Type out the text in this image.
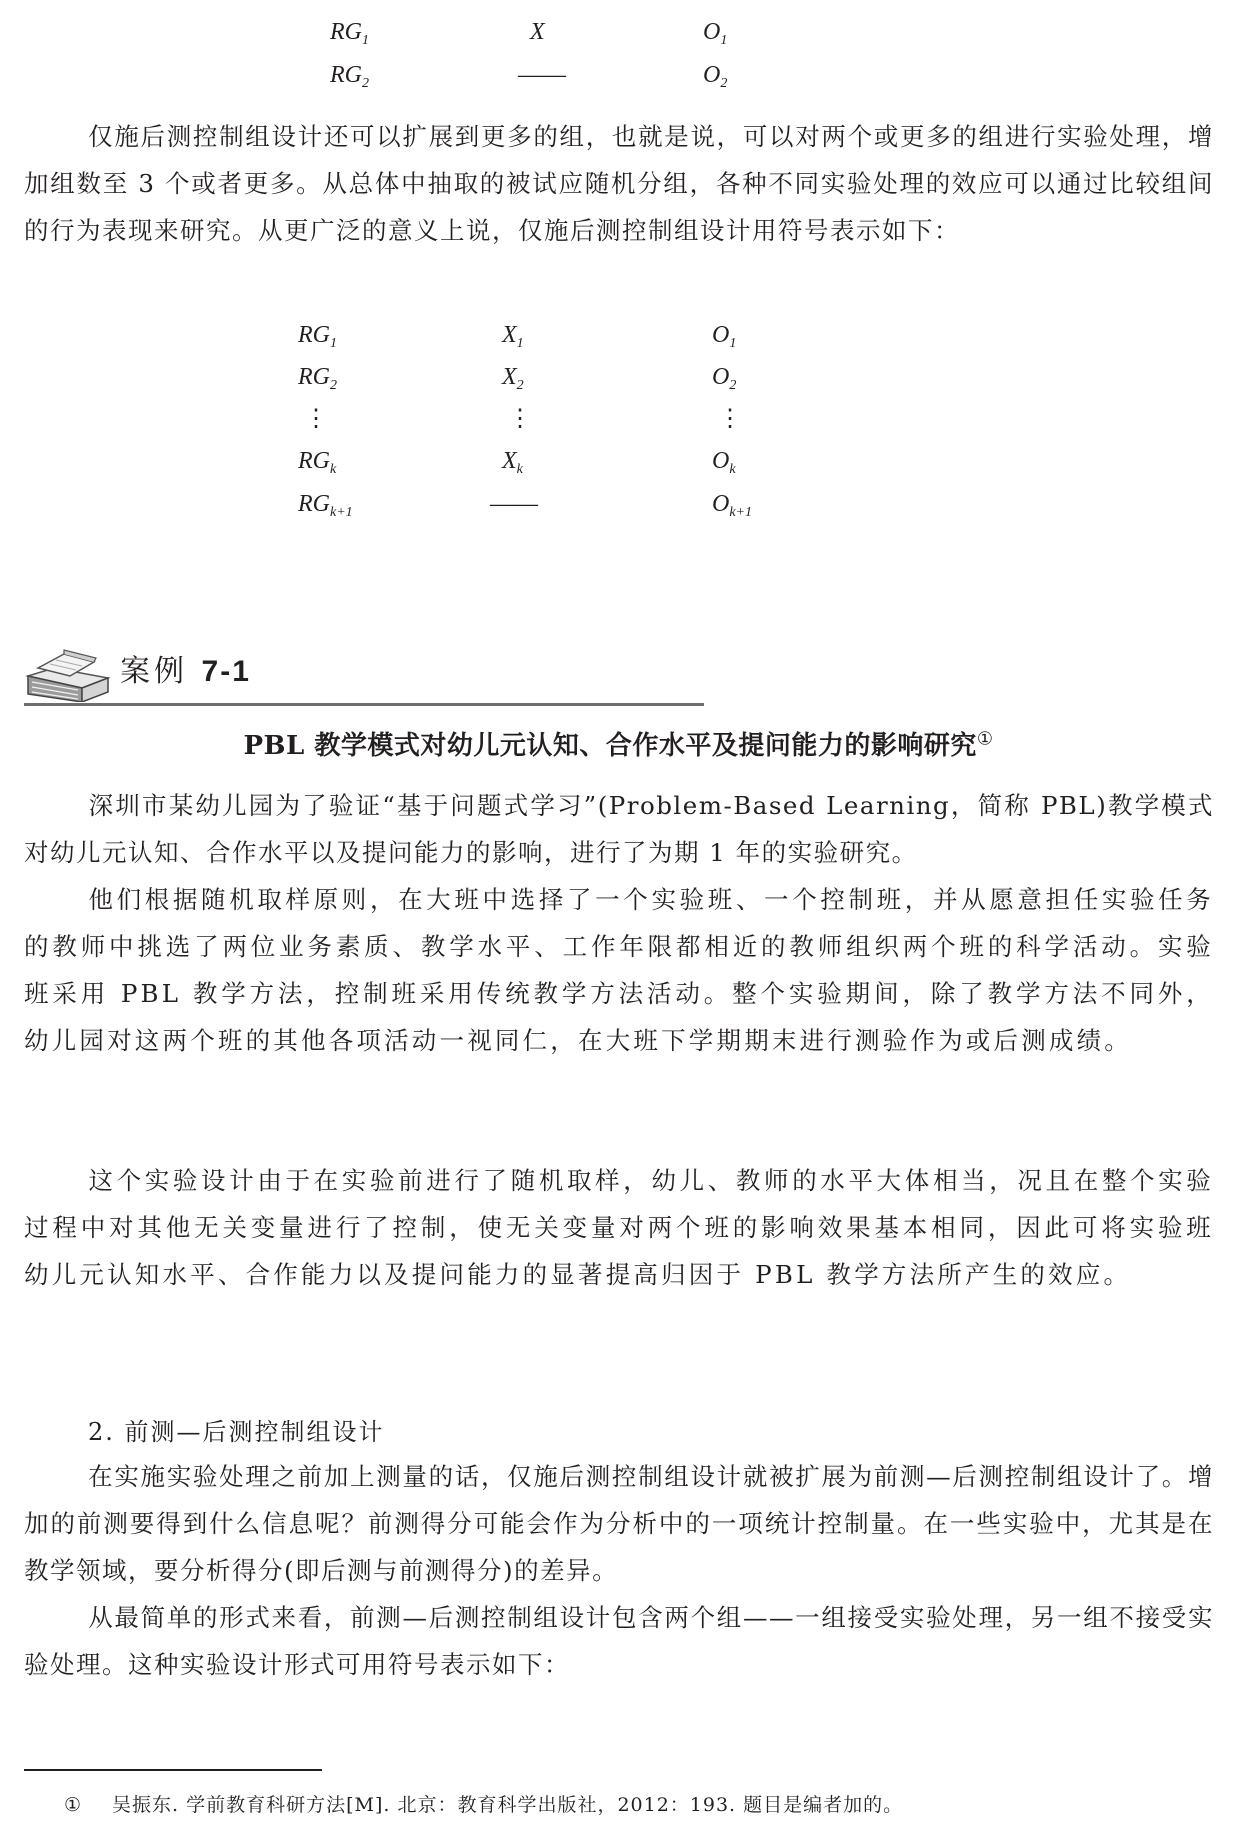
$RG_1$	X	$O_1$
$RG_2$	——	$O_2$

仅施后测控制组设计还可以扩展到更多的组，也就是说，可以对两个或更多的组进行实验处理，增加组数至 3 个或者更多。从总体中抽取的被试应随机分组，各种不同实验处理的效应可以通过比较组间的行为表现来研究。从更广泛的意义上说，仅施后测控制组设计用符号表示如下：

$RG_1$	$X_1$	$O_1$
$RG_2$	$X_2$	$O_2$
⋮	⋮	⋮
$RG_k$	$X_k$	$O_k$
$RG_{k+1}$	——	$O_{k+1}$
案例 7-1
PBL 教学模式对幼儿元认知、合作水平及提问能力的影响研究①

深圳市某幼儿园为了验证“基于问题式学习”(Problem-Based Learning，简称 PBL)教学模式对幼儿元认知、合作水平以及提问能力的影响，进行了为期 1 年的实验研究。

他们根据随机取样原则，在大班中选择了一个实验班、一个控制班，并从愿意担任实验任务的教师中挑选了两位业务素质、教学水平、工作年限都相近的教师组织两个班的科学活动。实验班采用 PBL 教学方法，控制班采用传统教学方法活动。整个实验期间，除了教学方法不同外，幼儿园对这两个班的其他各项活动一视同仁，在大班下学期期末进行测验作为或后测成绩。

这个实验设计由于在实验前进行了随机取样，幼儿、教师的水平大体相当，况且在整个实验过程中对其他无关变量进行了控制，使无关变量对两个班的影响效果基本相同，因此可将实验班幼儿元认知水平、合作能力以及提问能力的显著提高归因于 PBL 教学方法所产生的效应。

2. 前测—后测控制组设计

在实施实验处理之前加上测量的话，仅施后测控制组设计就被扩展为前测—后测控制组设计了。增加的前测要得到什么信息呢？前测得分可能会作为分析中的一项统计控制量。在一些实验中，尤其是在教学领域，要分析得分(即后测与前测得分)的差异。

从最简单的形式来看，前测—后测控制组设计包含两个组——一组接受实验处理，另一组不接受实验处理。这种实验设计形式可用符号表示如下：

① 吴振东. 学前教育科研方法[M]. 北京：教育科学出版社，2012：193. 题目是编者加的。
